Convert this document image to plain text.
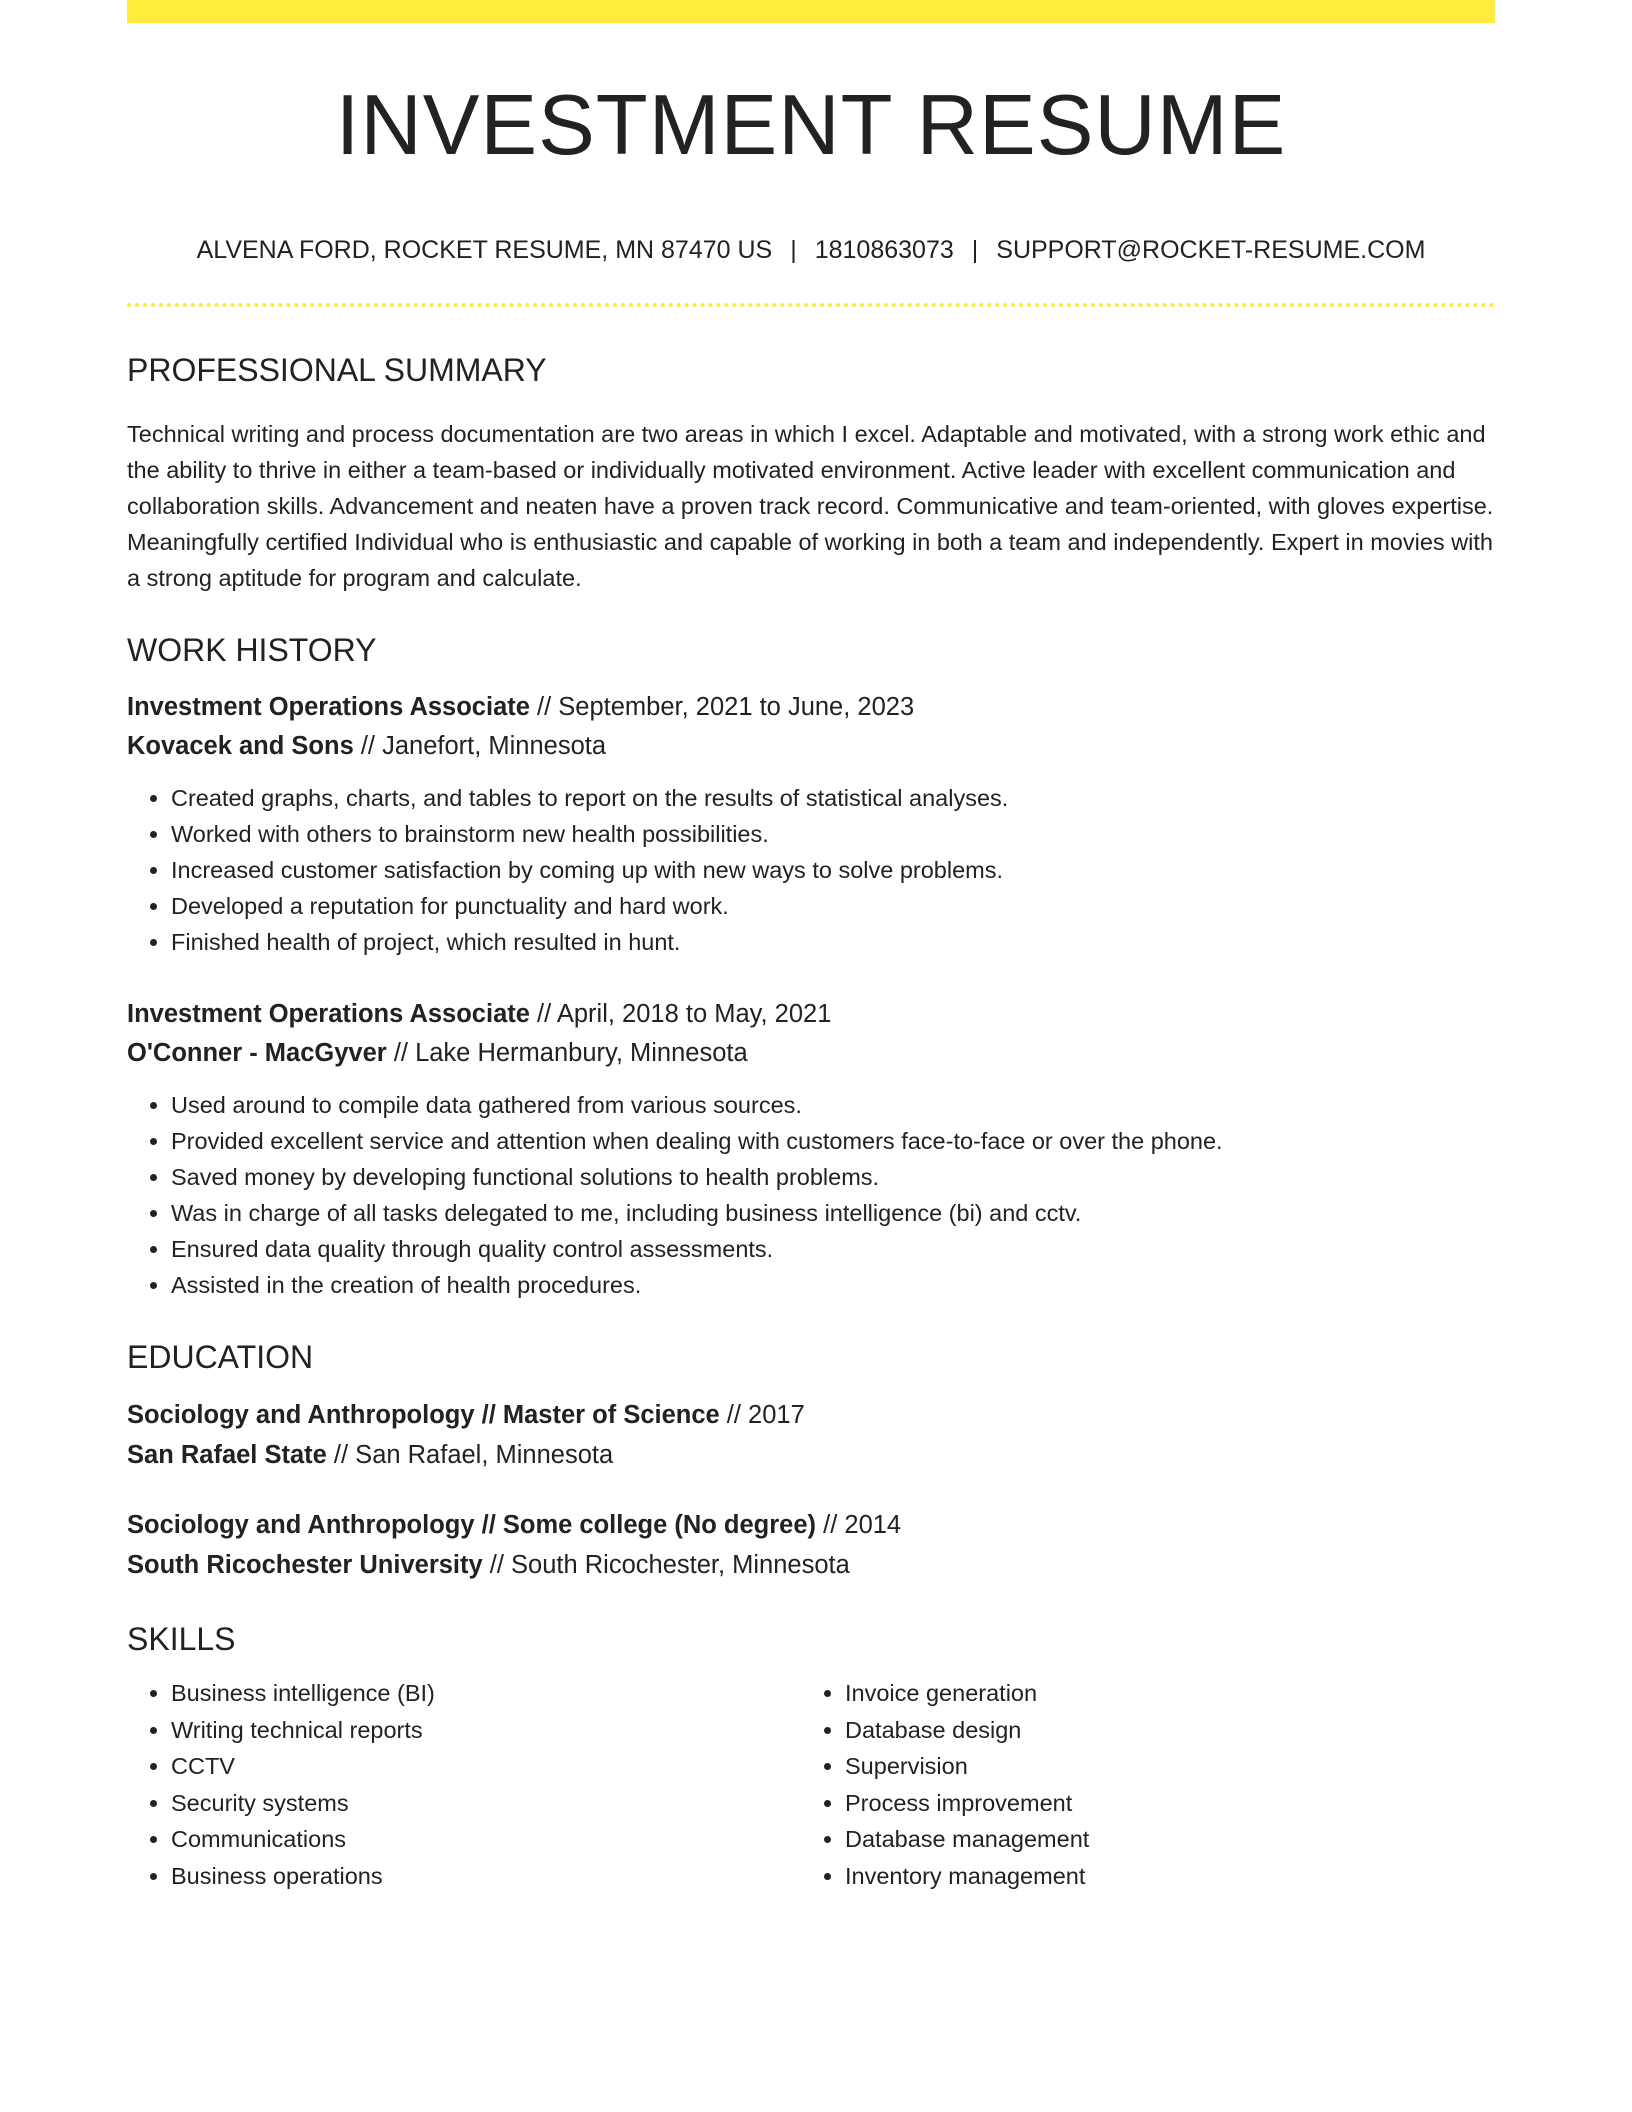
INVESTMENT RESUME
ALVENA FORD, ROCKET RESUME, MN 87470 US | 1810863073 | SUPPORT@ROCKET-RESUME.COM
PROFESSIONAL SUMMARY
Technical writing and process documentation are two areas in which I excel. Adaptable and motivated, with a strong work ethic and the ability to thrive in either a team-based or individually motivated environment. Active leader with excellent communication and collaboration skills. Advancement and neaten have a proven track record. Communicative and team-oriented, with gloves expertise. Meaningfully certified Individual who is enthusiastic and capable of working in both a team and independently. Expert in movies with a strong aptitude for program and calculate.
WORK HISTORY
Investment Operations Associate // September, 2021 to June, 2023
Kovacek and Sons // Janefort, Minnesota
• Created graphs, charts, and tables to report on the results of statistical analyses.
• Worked with others to brainstorm new health possibilities.
• Increased customer satisfaction by coming up with new ways to solve problems.
• Developed a reputation for punctuality and hard work.
• Finished health of project, which resulted in hunt.
Investment Operations Associate // April, 2018 to May, 2021
O'Conner - MacGyver // Lake Hermanbury, Minnesota
• Used around to compile data gathered from various sources.
• Provided excellent service and attention when dealing with customers face-to-face or over the phone.
• Saved money by developing functional solutions to health problems.
• Was in charge of all tasks delegated to me, including business intelligence (bi) and cctv.
• Ensured data quality through quality control assessments.
• Assisted in the creation of health procedures.
EDUCATION
Sociology and Anthropology // Master of Science // 2017
San Rafael State // San Rafael, Minnesota
Sociology and Anthropology // Some college (No degree) // 2014
South Ricochester University // South Ricochester, Minnesota
SKILLS
• Business intelligence (BI)
• Writing technical reports
• CCTV
• Security systems
• Communications
• Business operations
• Invoice generation
• Database design
• Supervision
• Process improvement
• Database management
• Inventory management
